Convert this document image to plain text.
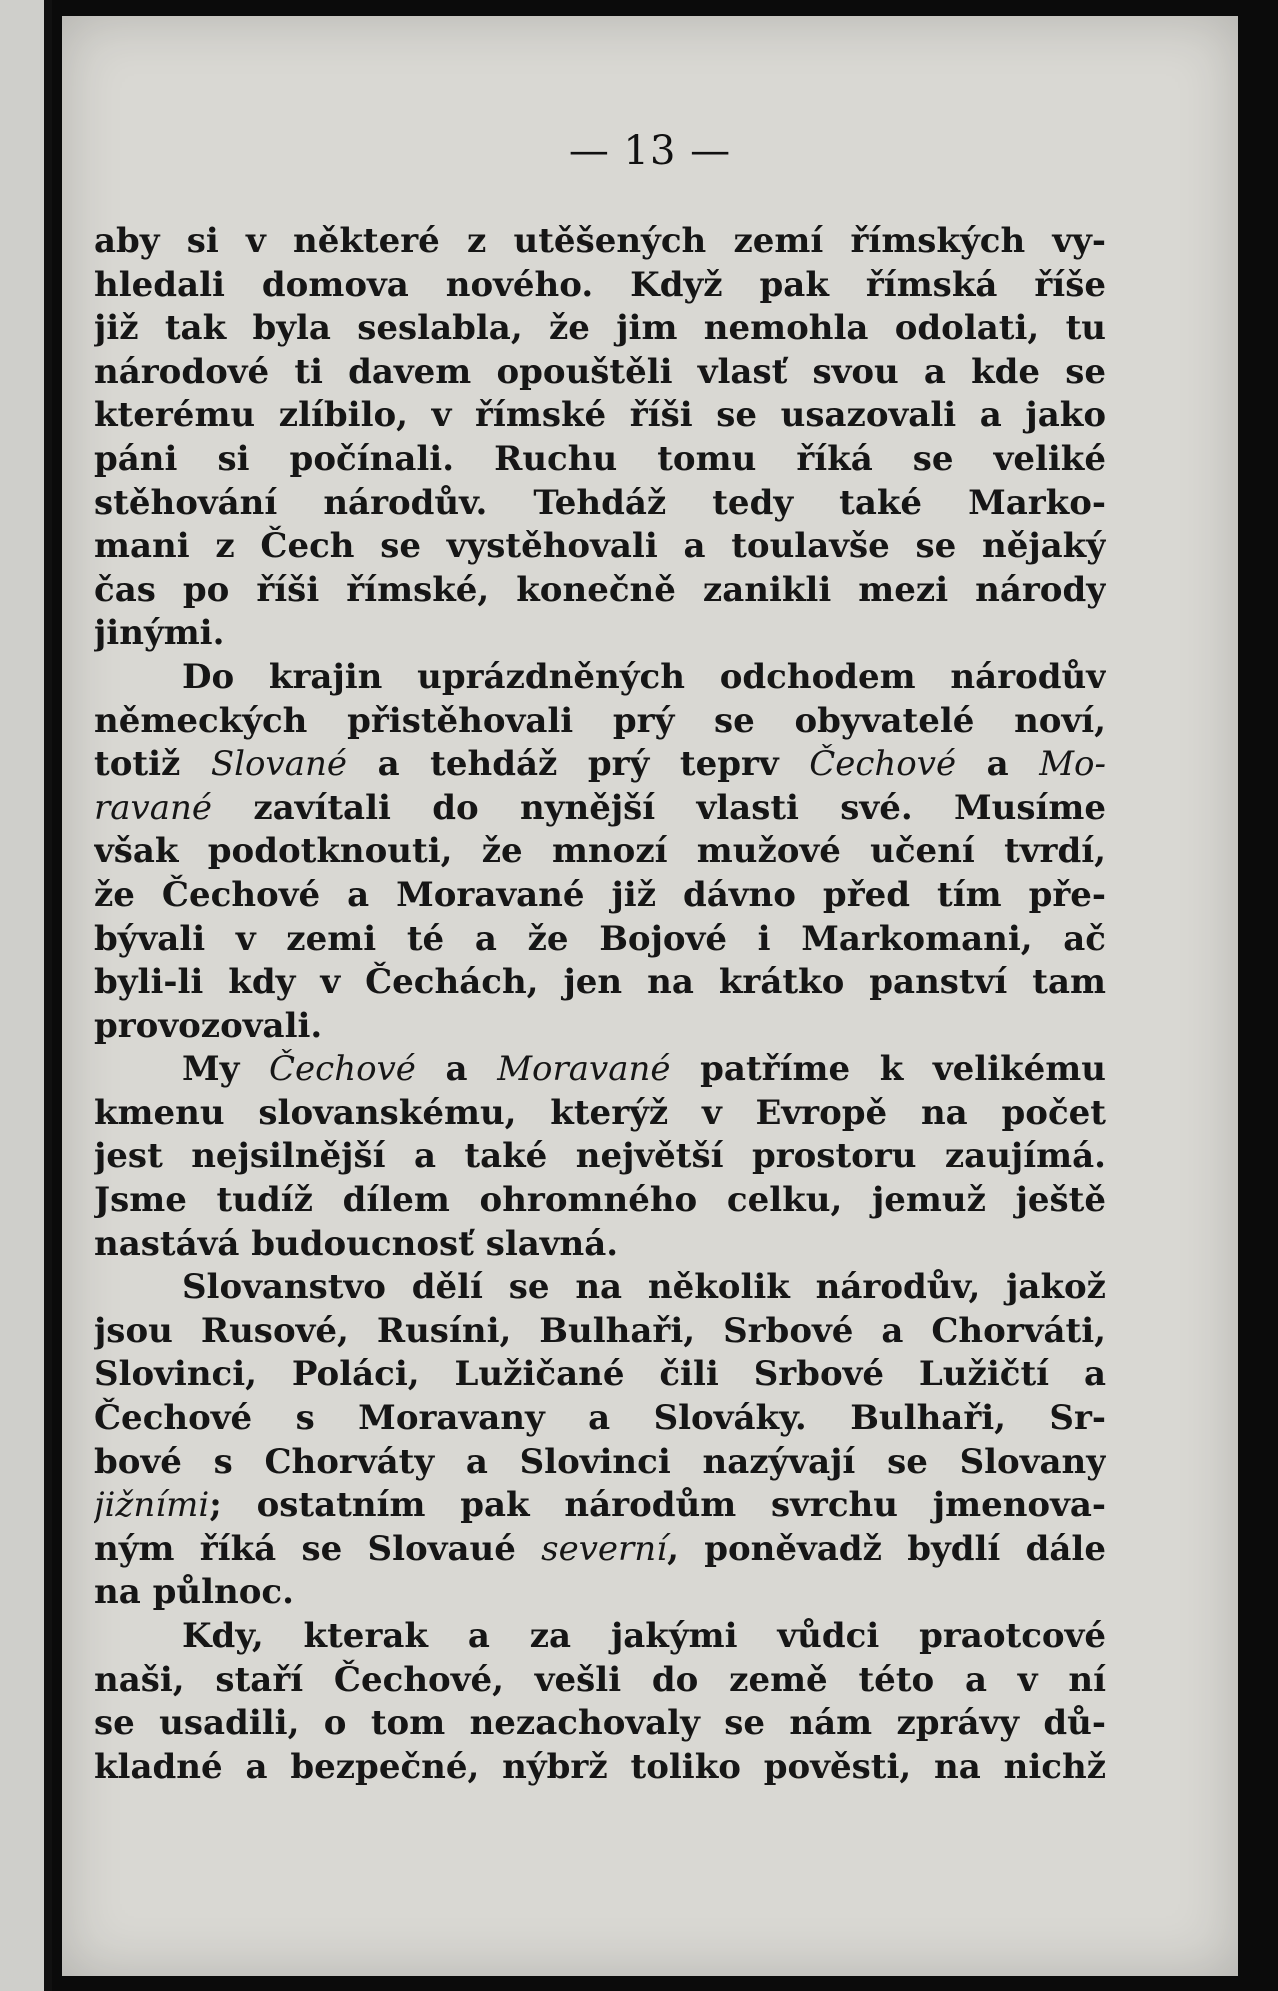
— 13 —
aby si v některé z utěšených zemí římských vy-
hledali domova nového. Když pak římská říše
již tak byla seslabla, že jim nemohla odolati, tu
národové ti davem opouštěli vlasť svou a kde se
kterému zlíbilo, v římské říši se usazovali a jako
páni si počínali. Ruchu tomu říká se veliké
stěhování národův. Tehdáž tedy také Marko-
mani z Čech se vystěhovali a toulavše se nějaký
čas po říši římské, konečně zanikli mezi národy
jinými.
Do krajin uprázdněných odchodem národův
německých přistěhovali prý se obyvatelé noví,
totiž Slované a tehdáž prý teprv Čechové a Mo-
ravané zavítali do nynější vlasti své. Musíme
však podotknouti, že mnozí mužové učení tvrdí,
že Čechové a Moravané již dávno před tím pře-
bývali v zemi té a že Bojové i Markomani, ač
byli-li kdy v Čechách, jen na krátko panství tam
provozovali.
My Čechové a Moravané patříme k velikému
kmenu slovanskému, kterýž v Evropě na počet
jest nejsilnější a také největší prostoru zaujímá.
Jsme tudíž dílem ohromného celku, jemuž ještě
nastává budoucnosť slavná.
Slovanstvo dělí se na několik národův, jakož
jsou Rusové, Rusíni, Bulhaři, Srbové a Chorváti,
Slovinci, Poláci, Lužičané čili Srbové Lužičtí a
Čechové s Moravany a Slováky. Bulhaři, Sr-
bové s Chorváty a Slovinci nazývají se Slovany
jižními; ostatním pak národům svrchu jmenova-
ným říká se Slovaué severní, poněvadž bydlí dále
na půlnoc.
Kdy, kterak a za jakými vůdci praotcové
naši, staří Čechové, vešli do země této a v ní
se usadili, o tom nezachovaly se nám zprávy dů-
kladné a bezpečné, nýbrž toliko pověsti, na nichž
